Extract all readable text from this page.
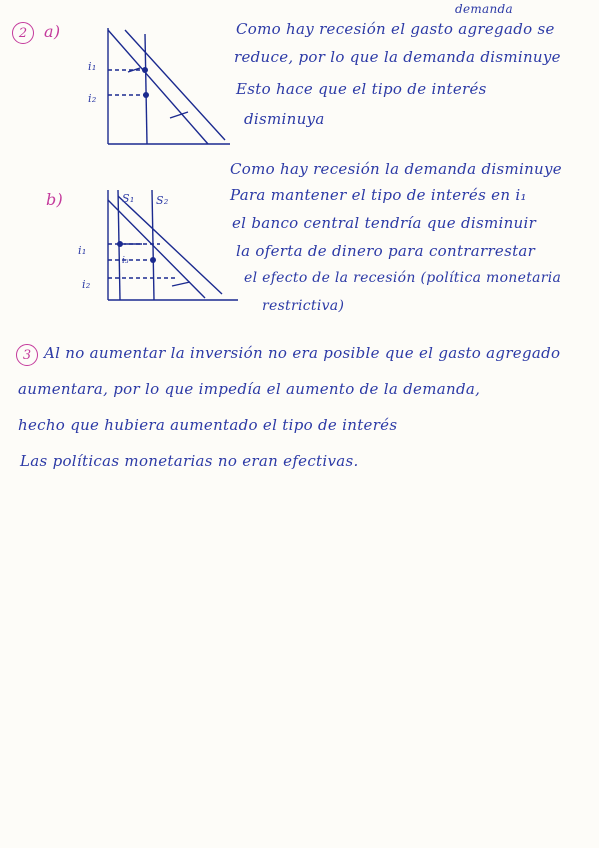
2 a)
i₁
i₂
demanda
Como hay recesión el gasto agregado se
reduce, por lo que la demanda disminuye
Esto hace que el tipo de interés
disminuya
b)	S₁ S₂
i₁
i₃
i₂
Como hay recesión la demanda disminuye
Para mantener el tipo de interés en i₁
el banco central tendría que disminuir
la oferta de dinero para contrarrestar
el efecto de la recesión (política monetaria
restrictiva)
3 Al no aumentar la inversión no era posible que el gasto agregado
aumentara, por lo que impedía el aumento de la demanda,
hecho que hubiera aumentado el tipo de interés
Las políticas monetarias no eran efectivas.
